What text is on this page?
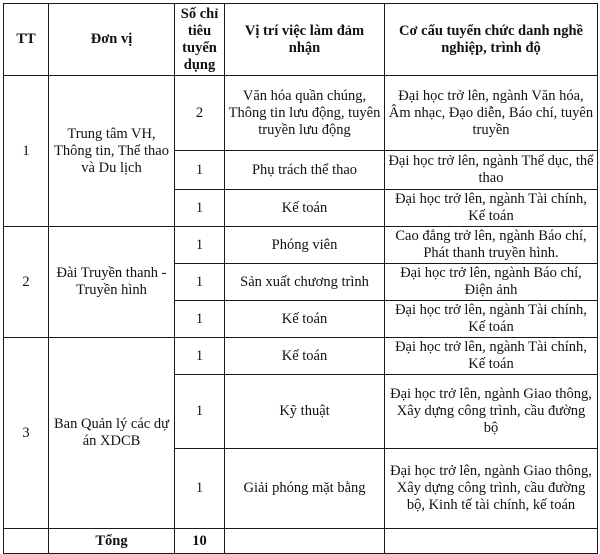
TT	Đơn vị	Số chỉ tiêu tuyển dụng	Vị trí việc làm đảm nhận	Cơ cấu tuyển chức danh nghề nghiệp, trình độ
1	Trung tâm VH, Thông tin, Thể thao và Du lịch	2	Văn hóa quần chúng, Thông tin lưu động, tuyên truyền lưu động	Đại học trở lên, ngành Văn hóa, Âm nhạc, Đạo diễn, Báo chí, tuyên truyền
		1	Phụ trách thể thao	Đại học trở lên, ngành Thể dục, thể thao
		1	Kế toán	Đại học trở lên, ngành Tài chính, Kế toán
2	Đài Truyền thanh - Truyền hình	1	Phóng viên	Cao đẳng trở lên, ngành Báo chí, Phát thanh truyền hình.
		1	Sản xuất chương trình	Đại học trở lên, ngành Báo chí, Điện ảnh
		1	Kế toán	Đại học trở lên, ngành Tài chính, Kế toán
3	Ban Quản lý các dự án XDCB	1	Kế toán	Đại học trở lên, ngành Tài chính, Kế toán
		1	Kỹ thuật	Đại học trở lên, ngành Giao thông, Xây dựng công trình, cầu đường bộ
		1	Giải phóng mặt bằng	Đại học trở lên, ngành Giao thông, Xây dựng công trình, cầu đường bộ, Kinh tế tài chính, kế toán
	Tổng	10		
